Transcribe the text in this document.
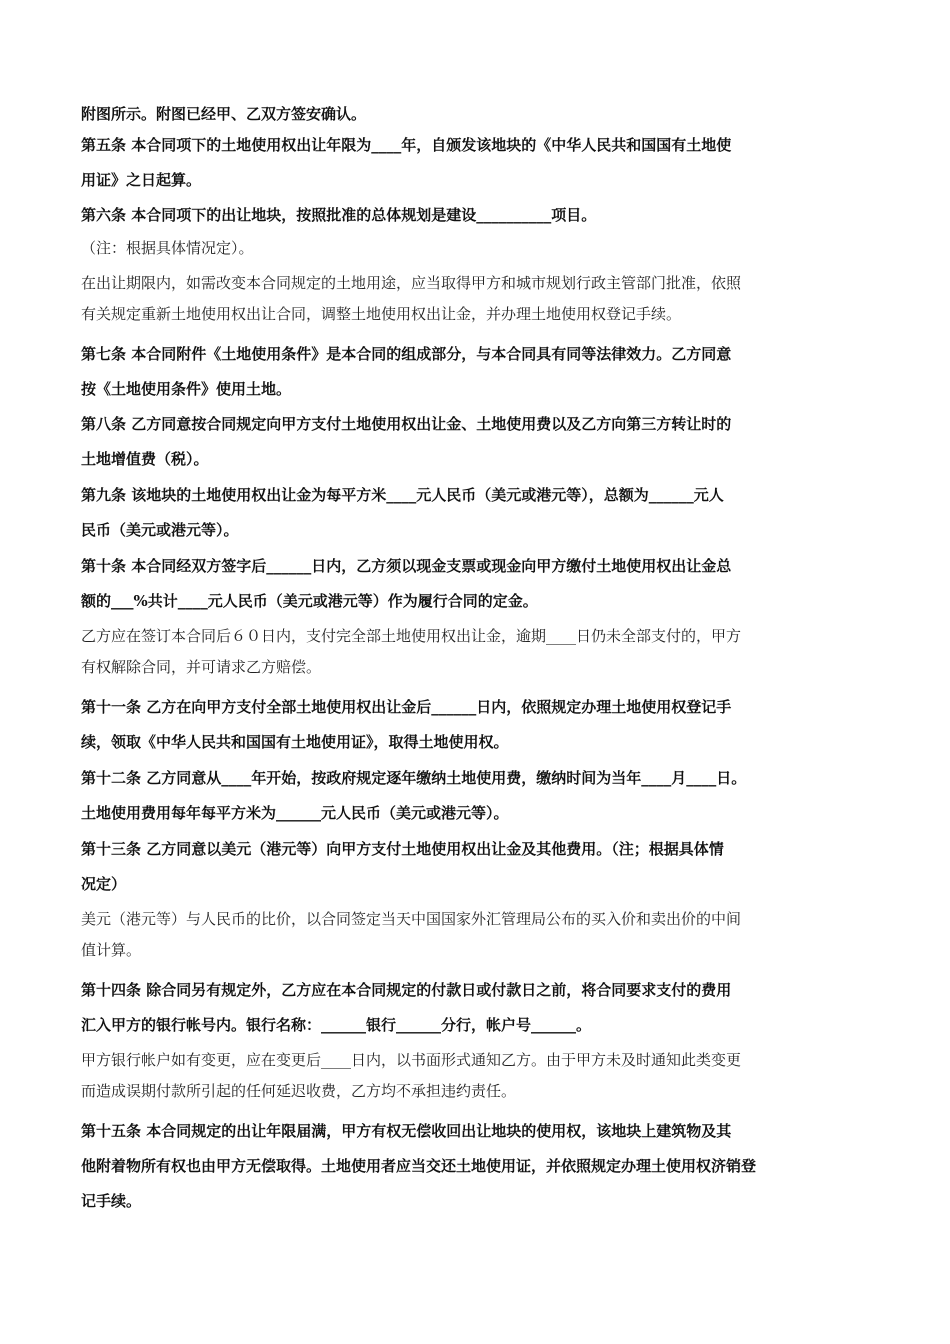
附图所示。附图已经甲、乙双方签安确认。
第五条 本合同项下的土地使用权出让年限为____年，自颁发该地块的《中华人民共和国国有土地使
用证》之日起算。
第六条 本合同项下的出让地块，按照批准的总体规划是建设__________项目。
（注：根据具体情况定）。
在出让期限内，如需改变本合同规定的土地用途，应当取得甲方和城市规划行政主管部门批准，依照
有关规定重新土地使用权出让合同，调整土地使用权出让金，并办理土地使用权登记手续。
第七条 本合同附件《土地使用条件》是本合同的组成部分，与本合同具有同等法律效力。乙方同意
按《土地使用条件》使用土地。
第八条 乙方同意按合同规定向甲方支付土地使用权出让金、土地使用费以及乙方向第三方转让时的
土地增值费（税）。
第九条 该地块的土地使用权出让金为每平方米____元人民币（美元或港元等），总额为______元人
民币（美元或港元等）。
第十条 本合同经双方签字后______日内，乙方须以现金支票或现金向甲方缴付土地使用权出让金总
额的___%共计____元人民币（美元或港元等）作为履行合同的定金。
乙方应在签订本合同后６０日内，支付完全部土地使用权出让金，逾期____日仍未全部支付的，甲方
有权解除合同，并可请求乙方赔偿。
第十一条 乙方在向甲方支付全部土地使用权出让金后______日内，依照规定办理土地使用权登记手
续，领取《中华人民共和国国有土地使用证》，取得土地使用权。
第十二条 乙方同意从____年开始，按政府规定逐年缴纳土地使用费，缴纳时间为当年____月____日。
土地使用费用每年每平方米为______元人民币（美元或港元等）。
第十三条 乙方同意以美元（港元等）向甲方支付土地使用权出让金及其他费用。（注；根据具体情
况定）
美元（港元等）与人民币的比价，以合同签定当天中国国家外汇管理局公布的买入价和卖出价的中间
值计算。
第十四条 除合同另有规定外，乙方应在本合同规定的付款日或付款日之前，将合同要求支付的费用
汇入甲方的银行帐号内。银行名称：______银行______分行，帐户号______。
甲方银行帐户如有变更，应在变更后____日内，以书面形式通知乙方。由于甲方未及时通知此类变更
而造成误期付款所引起的任何延迟收费，乙方均不承担违约责任。
第十五条 本合同规定的出让年限届满，甲方有权无偿收回出让地块的使用权，该地块上建筑物及其
他附着物所有权也由甲方无偿取得。土地使用者应当交还土地使用证，并依照规定办理土使用权济销登
记手续。
